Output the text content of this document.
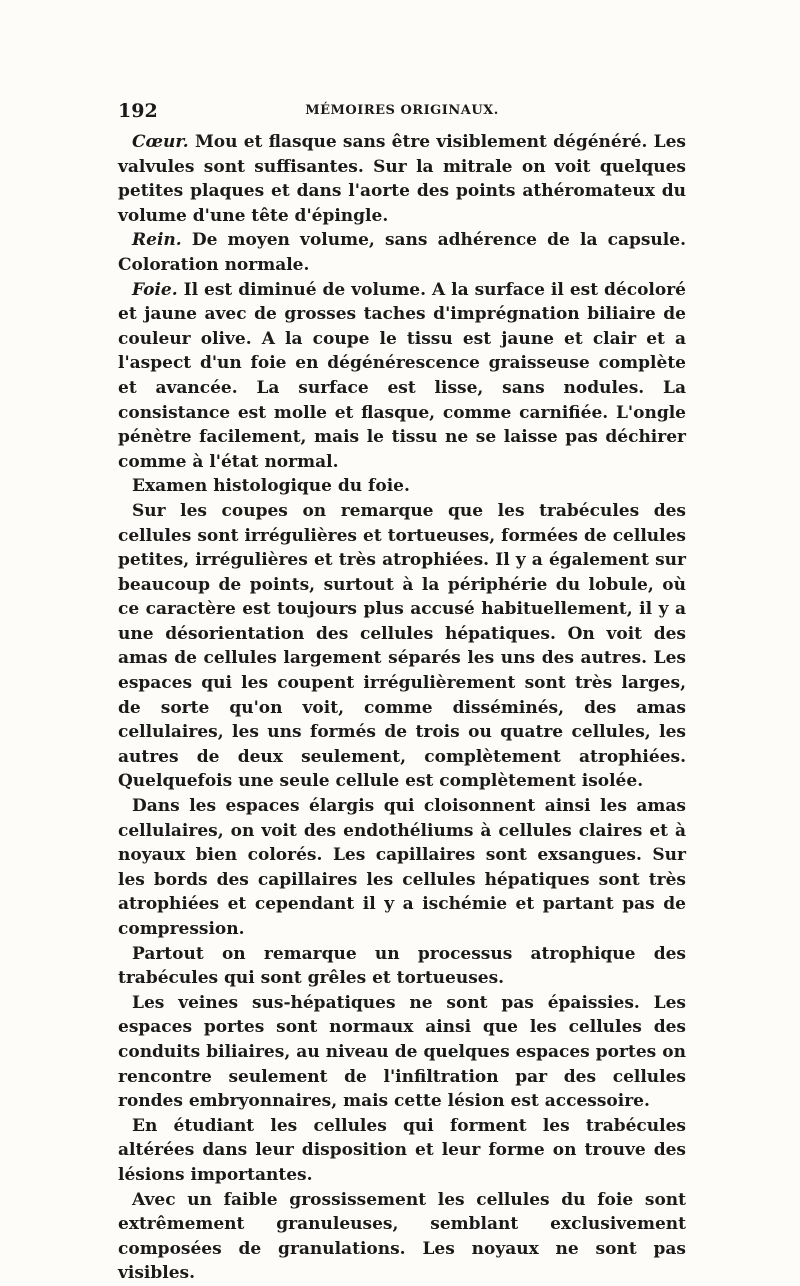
192	MÉMOIRES ORIGINAUX.

Cœur. Mou et flasque sans être visiblement dégénéré. Les valvules sont suffisantes. Sur la mitrale on voit quelques petites plaques et dans l'aorte des points athéromateux du volume d'une tête d'épingle.

Rein. De moyen volume, sans adhérence de la capsule. Coloration normale.

Foie. Il est diminué de volume. A la surface il est décoloré et jaune avec de grosses taches d'imprégnation biliaire de couleur olive. A la coupe le tissu est jaune et clair et a l'aspect d'un foie en dégénérescence graisseuse complète et avancée. La surface est lisse, sans nodules. La consistance est molle et flasque, comme carnifiée. L'ongle pénètre facilement, mais le tissu ne se laisse pas déchirer comme à l'état normal.

Examen histologique du foie.

Sur les coupes on remarque que les trabécules des cellules sont irrégulières et tortueuses, formées de cellules petites, irrégulières et très atrophiées. Il y a également sur beaucoup de points, surtout à la périphérie du lobule, où ce caractère est toujours plus accusé habituellement, il y a une désorientation des cellules hépatiques. On voit des amas de cellules largement séparés les uns des autres. Les espaces qui les coupent irrégulièrement sont très larges, de sorte qu'on voit, comme disséminés, des amas cellulaires, les uns formés de trois ou quatre cellules, les autres de deux seulement, complètement atrophiées. Quelquefois une seule cellule est complètement isolée.

Dans les espaces élargis qui cloisonnent ainsi les amas cellulaires, on voit des endothéliums à cellules claires et à noyaux bien colorés. Les capillaires sont exsangues. Sur les bords des capillaires les cellules hépatiques sont très atrophiées et cependant il y a ischémie et partant pas de compression.

Partout on remarque un processus atrophique des trabécules qui sont grêles et tortueuses.

Les veines sus-hépatiques ne sont pas épaissies. Les espaces portes sont normaux ainsi que les cellules des conduits biliaires, au niveau de quelques espaces portes on rencontre seulement de l'infiltration par des cellules rondes embryonnaires, mais cette lésion est accessoire.

En étudiant les cellules qui forment les trabécules altérées dans leur disposition et leur forme on trouve des lésions importantes.

Avec un faible grossissement les cellules du foie sont extrêmement granuleuses, semblant exclusivement composées de granulations. Les noyaux ne sont pas visibles.
